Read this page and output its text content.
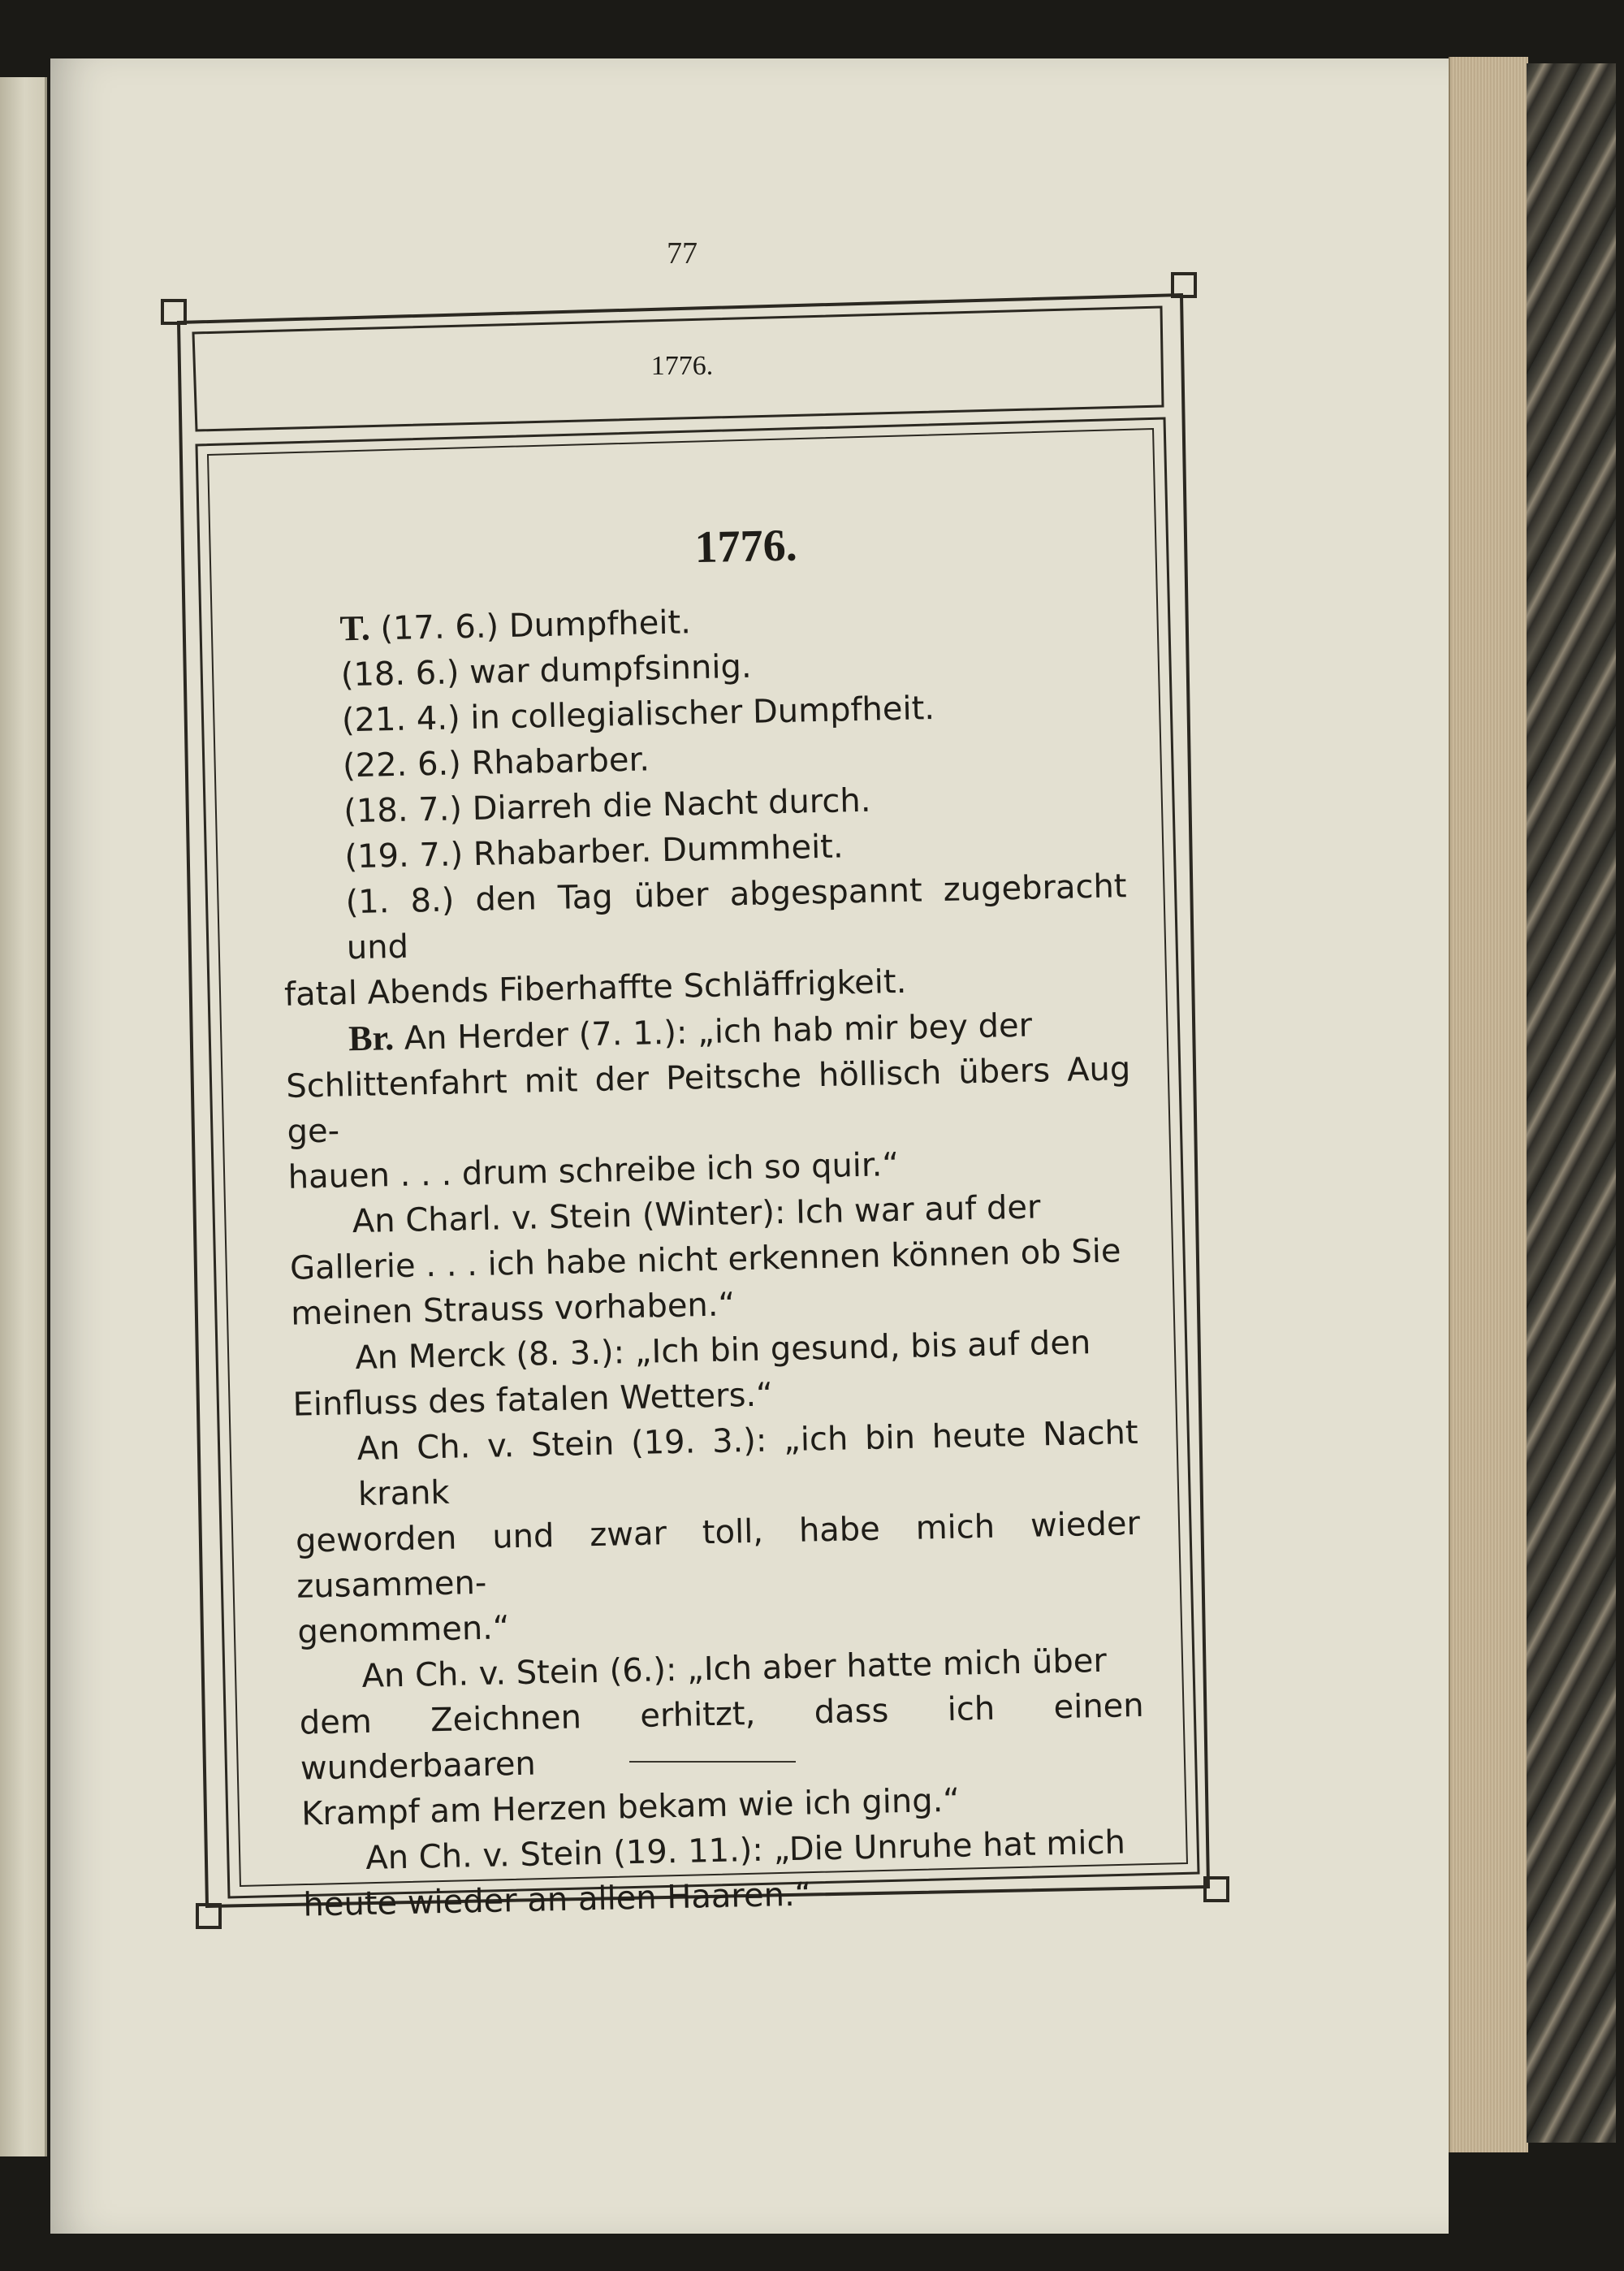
77
1776.
1776.

T. (17. 6.) Dumpfheit.

(18. 6.) war dumpfsinnig.

(21. 4.) in collegialischer Dumpfheit.

(22. 6.) Rhabarber.

(18. 7.) Diarreh die Nacht durch.

(19. 7.) Rhabarber. Dummheit.

(1. 8.) den Tag über abgespannt zugebracht und

fatal Abends Fiberhaffte Schläffrigkeit.

Br. An Herder (7. 1.): „ich hab mir bey der

Schlittenfahrt mit der Peitsche höllisch übers Aug ge-

hauen . . . drum schreibe ich so quir.“

An Charl. v. Stein (Winter): Ich war auf der

Gallerie . . . ich habe nicht erkennen können ob Sie

meinen Strauss vorhaben.“

An Merck (8. 3.): „Ich bin gesund, bis auf den

Einfluss des fatalen Wetters.“

An Ch. v. Stein (19. 3.): „ich bin heute Nacht krank

geworden und zwar toll, habe mich wieder zusammen-

genommen.“

An Ch. v. Stein (6.): „Ich aber hatte mich über

dem Zeichnen erhitzt, dass ich einen wunderbaaren

Krampf am Herzen bekam wie ich ging.“

An Ch. v. Stein (19. 11.): „Die Unruhe hat mich

heute wieder an allen Haaren.“
